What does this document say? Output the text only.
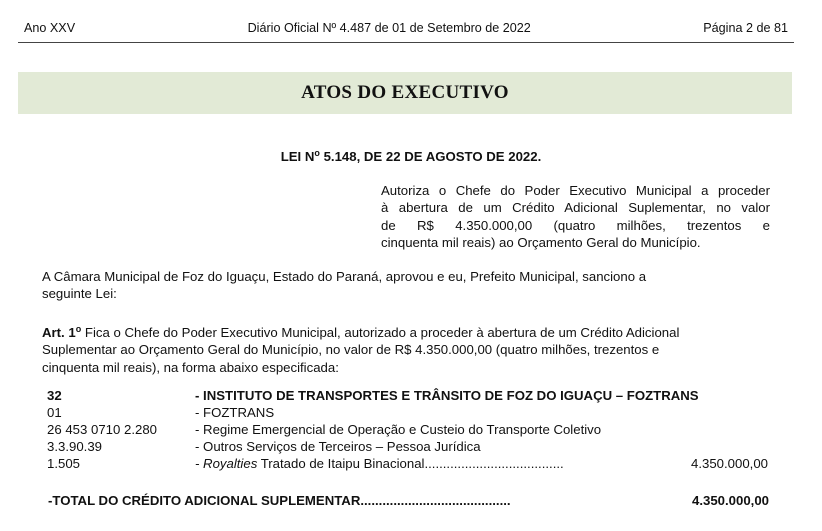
Ano XXV	Diário Oficial Nº 4.487 de 01 de Setembro de 2022	Página 2 de 81
ATOS DO EXECUTIVO
LEI $N^o$ 5.148, DE 22 DE AGOSTO DE 2022.
Autoriza o Chefe do Poder Executivo Municipal a proceder
à abertura de um Crédito Adicional Suplementar, no valor
de R$ 4.350.000,00 (quatro milhões, trezentos e
cinquenta mil reais) ao Orçamento Geral do Município.
A Câmara Municipal de Foz do Iguaçu, Estado do Paraná, aprovou e eu, Prefeito Municipal, sanciono a
seguinte Lei:
Art. 1$^o$ Fica o Chefe do Poder Executivo Municipal, autorizado a proceder à abertura de um Crédito Adicional
Suplementar ao Orçamento Geral do Município, no valor de R$ 4.350.000,00 (quatro milhões, trezentos e
cinquenta mil reais), na forma abaixo especificada:
32	- INSTITUTO DE TRANSPORTES E TRÂNSITO DE FOZ DO IGUAÇU – FOZTRANS
01	- FOZTRANS
26 453 0710 2.280	- Regime Emergencial de Operação e Custeio do Transporte Coletivo
3.3.90.39	- Outros Serviços de Terceiros – Pessoa Jurídica
1.505	- Royalties Tratado de Itaipu Binacional......................................	4.350.000,00
-TOTAL DO CRÉDITO ADICIONAL SUPLEMENTAR.........................................	4.350.000,00
